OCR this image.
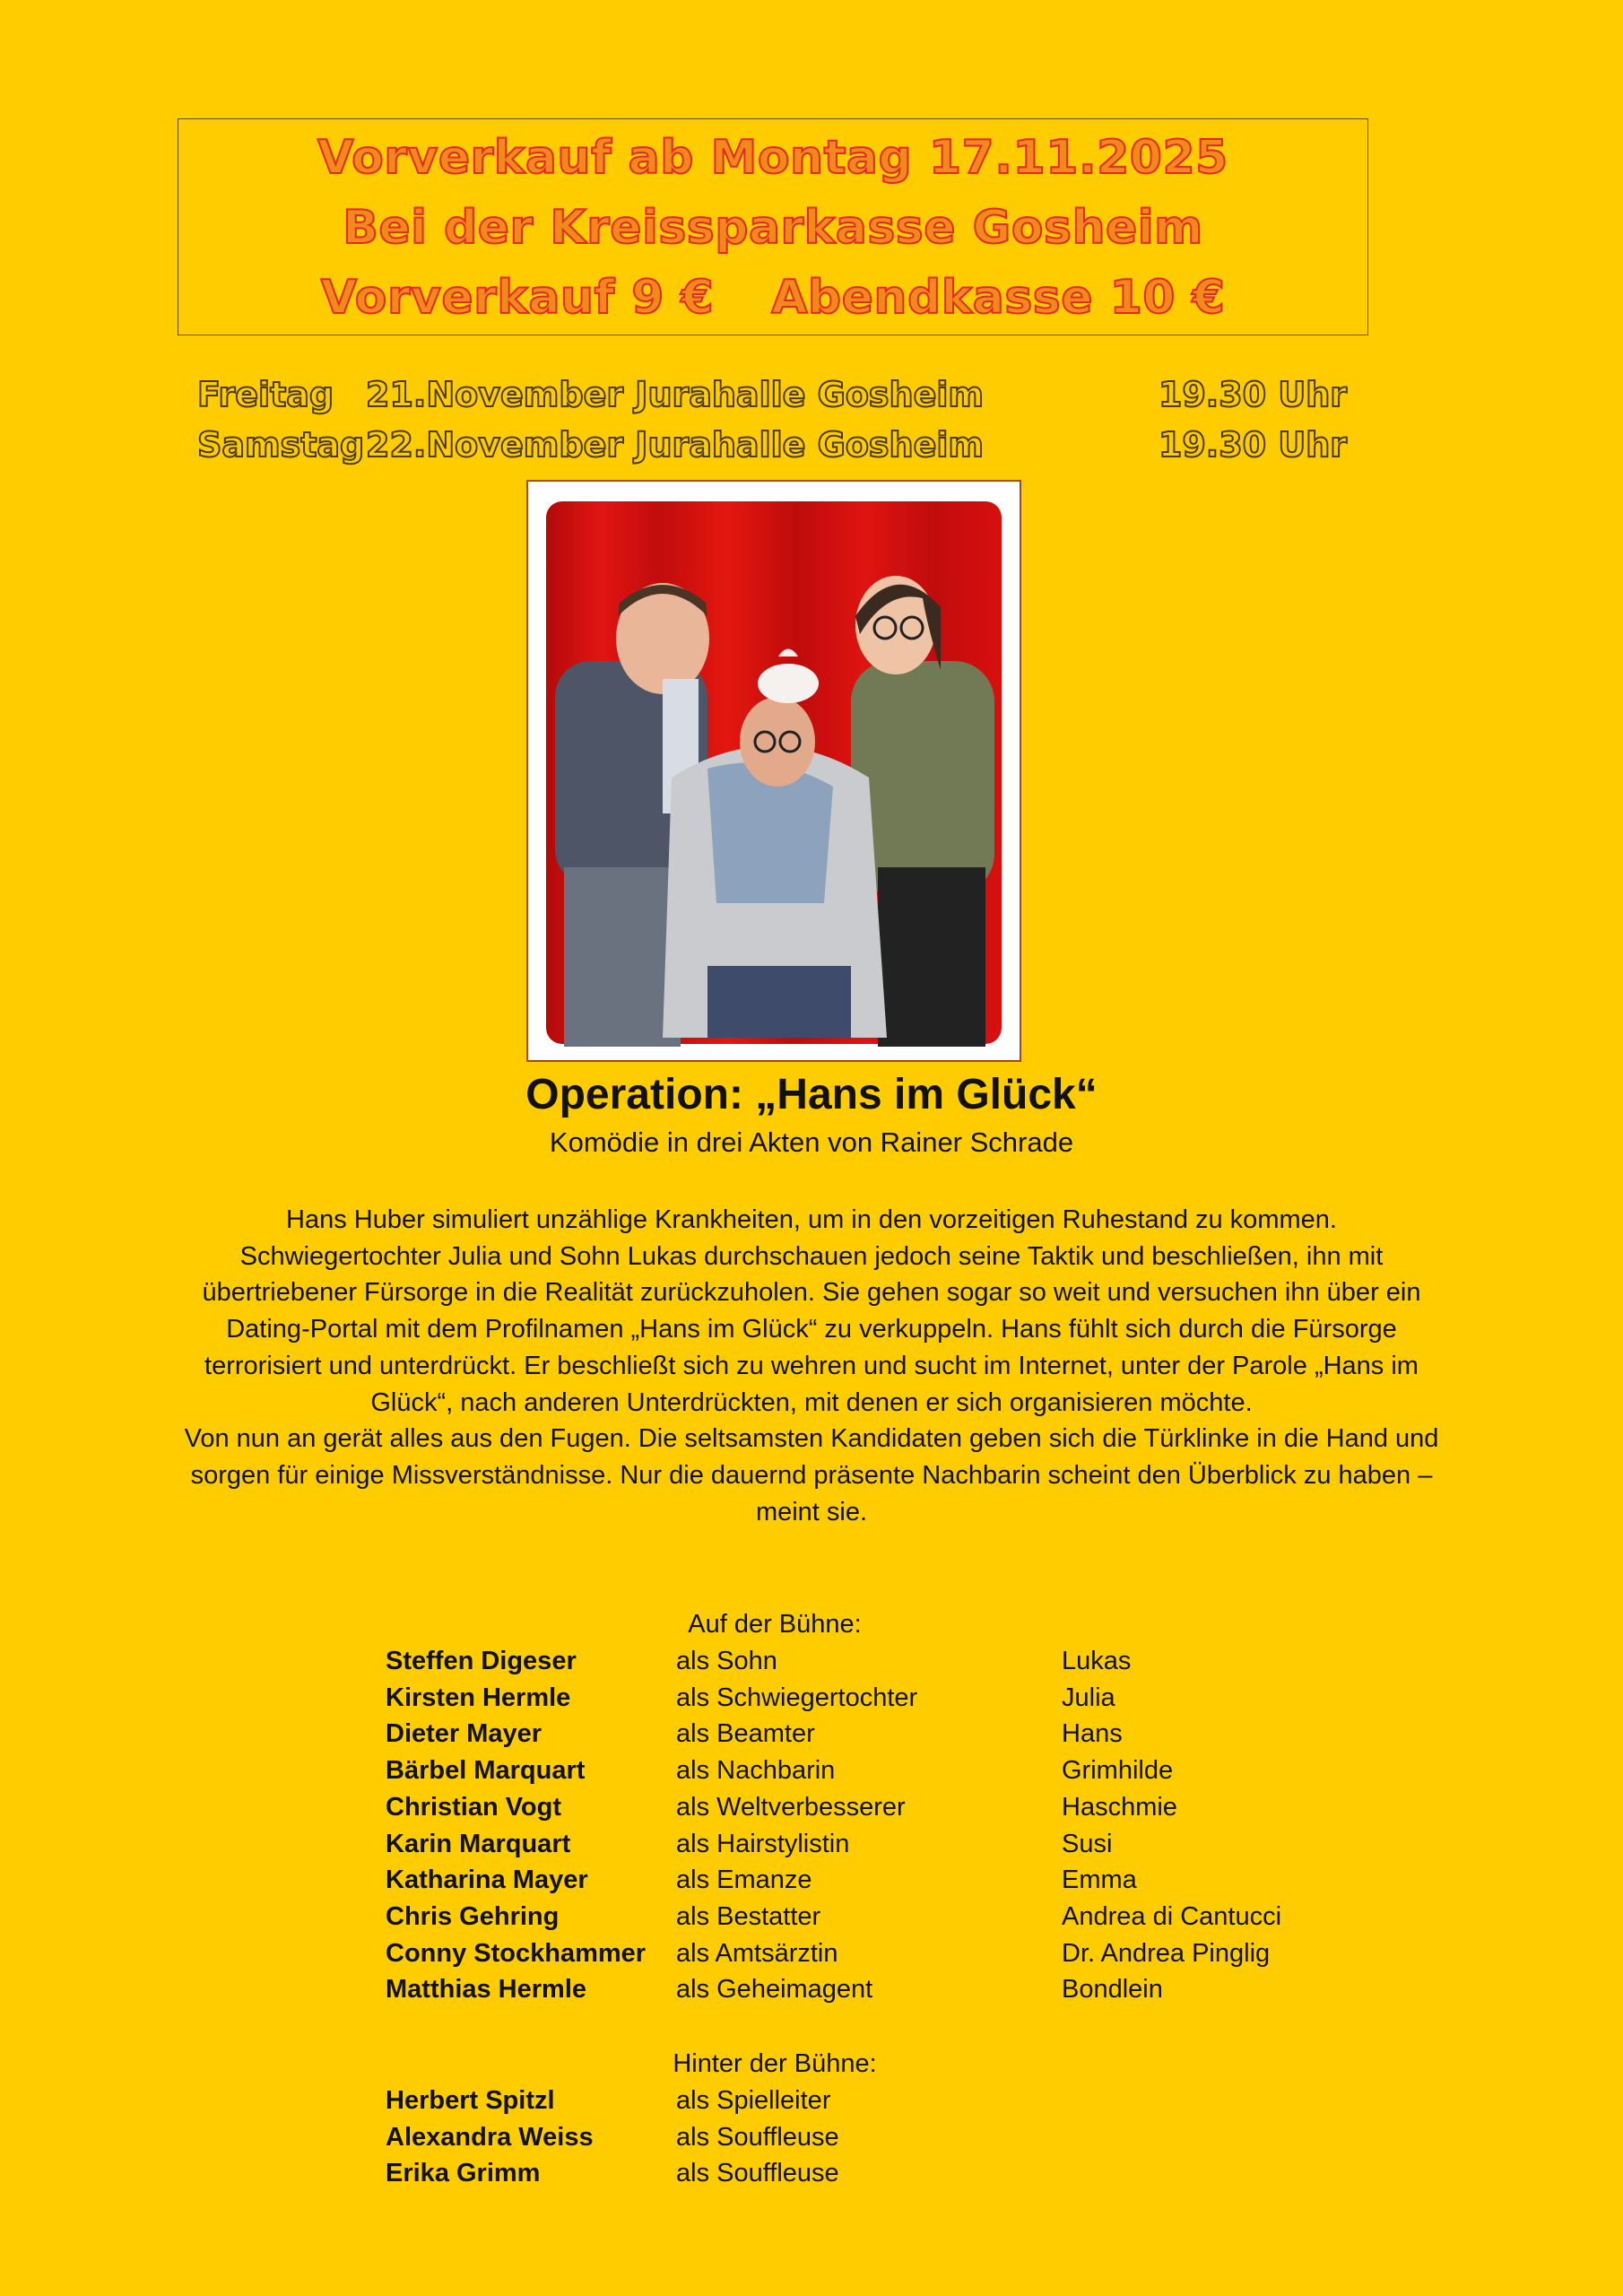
Vorverkauf ab Montag 17.11.2025
Bei der Kreissparkasse Gosheim
Vorverkauf 9 € Abendkasse 10 €
Freitag 21.November Jurahalle Gosheim	19.30 Uhr
Samstag 22.November Jurahalle Gosheim	19.30 Uhr
Operation: „Hans im Glück“
Komödie in drei Akten von Rainer Schrade

Hans Huber simuliert unzählige Krankheiten, um in den vorzeitigen Ruhestand zu kommen. Schwiegertochter Julia und Sohn Lukas durchschauen jedoch seine Taktik und beschließen, ihn mit übertriebener Fürsorge in die Realität zurückzuholen. Sie gehen sogar so weit und versuchen ihn über ein Dating-Portal mit dem Profilnamen „Hans im Glück“ zu verkuppeln. Hans fühlt sich durch die Fürsorge terrorisiert und unterdrückt. Er beschließt sich zu wehren und sucht im Internet, unter der Parole „Hans im Glück“, nach anderen Unterdrückten, mit denen er sich organisieren möchte.

Von nun an gerät alles aus den Fugen. Die seltsamsten Kandidaten geben sich die Türklinke in die Hand und sorgen für einige Missverständnisse. Nur die dauernd präsente Nachbarin scheint den Überblick zu haben – meint sie.

Auf der Bühne:
Steffen Digeser	als Sohn	Lukas
Kirsten Hermle	als Schwiegertochter	Julia
Dieter Mayer	als Beamter	Hans
Bärbel Marquart	als Nachbarin	Grimhilde
Christian Vogt	als Weltverbesserer	Haschmie
Karin Marquart	als Hairstylistin	Susi
Katharina Mayer	als Emanze	Emma
Chris Gehring	als Bestatter	Andrea di Cantucci
Conny Stockhammer als Amtsärztin	Dr. Andrea Pinglig
Matthias Hermle	als Geheimagent	Bondlein
Hinter der Bühne:
Herbert Spitzl	als Spielleiter
Alexandra Weiss	als Souffleuse
Erika Grimm	als Souffleuse
